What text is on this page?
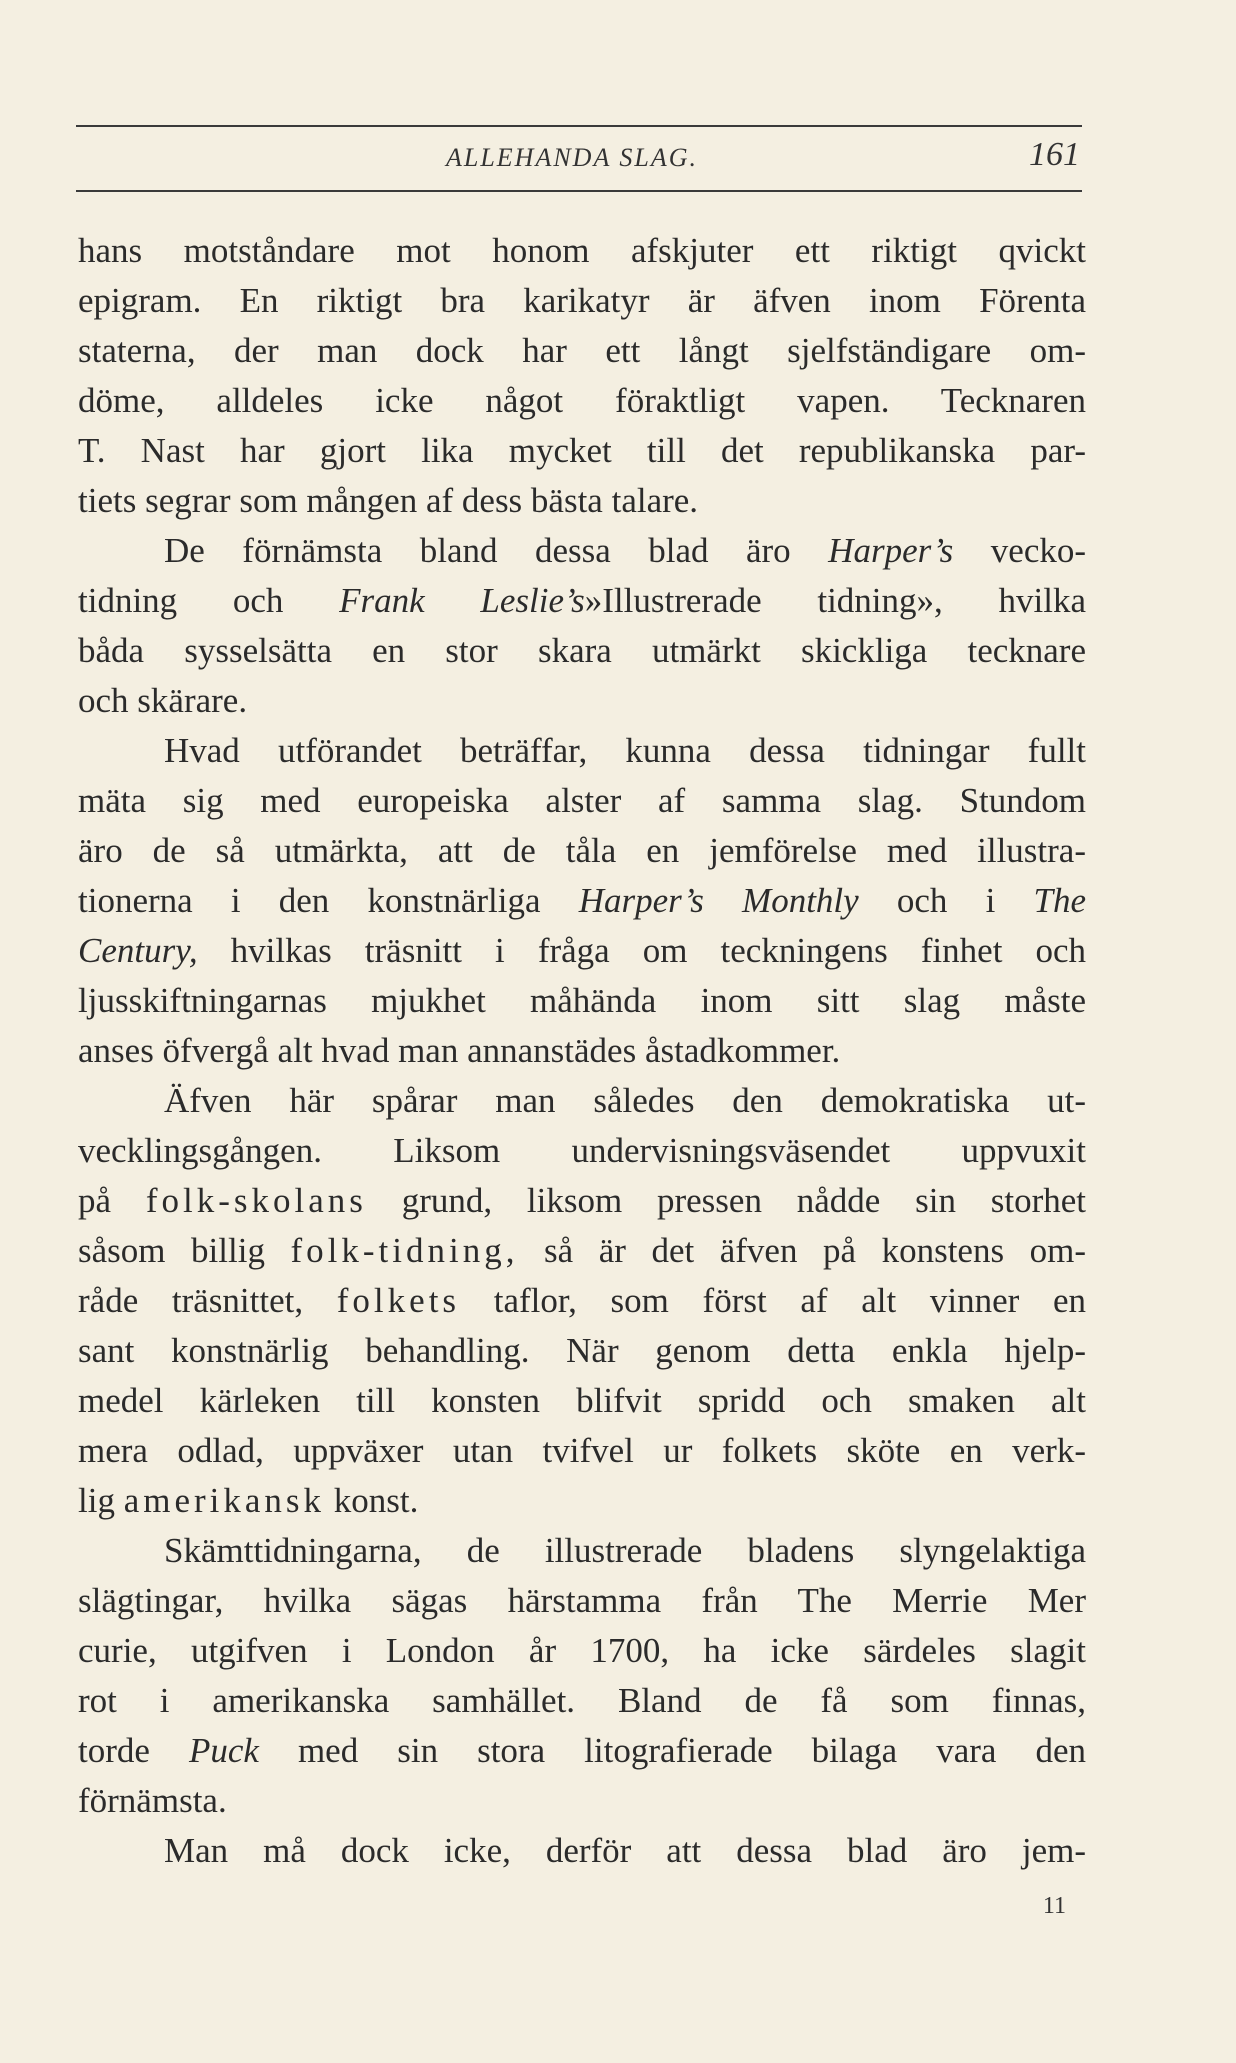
ALLEHANDA SLAG.	161
hans motståndare mot honom afskjuter ett riktigt qvickt
epigram. En riktigt bra karikatyr är äfven inom Förenta
staterna, der man dock har ett långt sjelfständigare om-
döme, alldeles icke något föraktligt vapen. Tecknaren
T. Nast har gjort lika mycket till det republikanska par-
tiets segrar som mången af dess bästa talare.
De förnämsta bland dessa blad äro Harper’s vecko-
tidning och Frank Leslie’s»Illustrerade tidning», hvilka
båda sysselsätta en stor skara utmärkt skickliga tecknare
och skärare.
Hvad utförandet beträffar, kunna dessa tidningar fullt
mäta sig med europeiska alster af samma slag. Stundom
äro de så utmärkta, att de tåla en jemförelse med illustra-
tionerna i den konstnärliga Harper’s Monthly och i The
Century, hvilkas träsnitt i fråga om teckningens finhet och
ljusskiftningarnas mjukhet måhända inom sitt slag måste
anses öfvergå alt hvad man annanstädes åstadkommer.
Äfven här spårar man således den demokratiska ut-
vecklingsgången. Liksom undervisningsväsendet uppvuxit
på folk-skolans grund, liksom pressen nådde sin storhet
såsom billig folk-tidning, så är det äfven på konstens om-
råde träsnittet, folkets taflor, som först af alt vinner en
sant konstnärlig behandling. När genom detta enkla hjelp-
medel kärleken till konsten blifvit spridd och smaken alt
mera odlad, uppväxer utan tvifvel ur folkets sköte en verk-
lig amerikansk konst.
Skämttidningarna, de illustrerade bladens slyngelaktiga
slägtingar, hvilka sägas härstamma från The Merrie Mer
curie, utgifven i London år 1700, ha icke särdeles slagit
rot i amerikanska samhället. Bland de få som finnas,
torde Puck med sin stora litografierade bilaga vara den
förnämsta.
Man må dock icke, derför att dessa blad äro jem-
11
